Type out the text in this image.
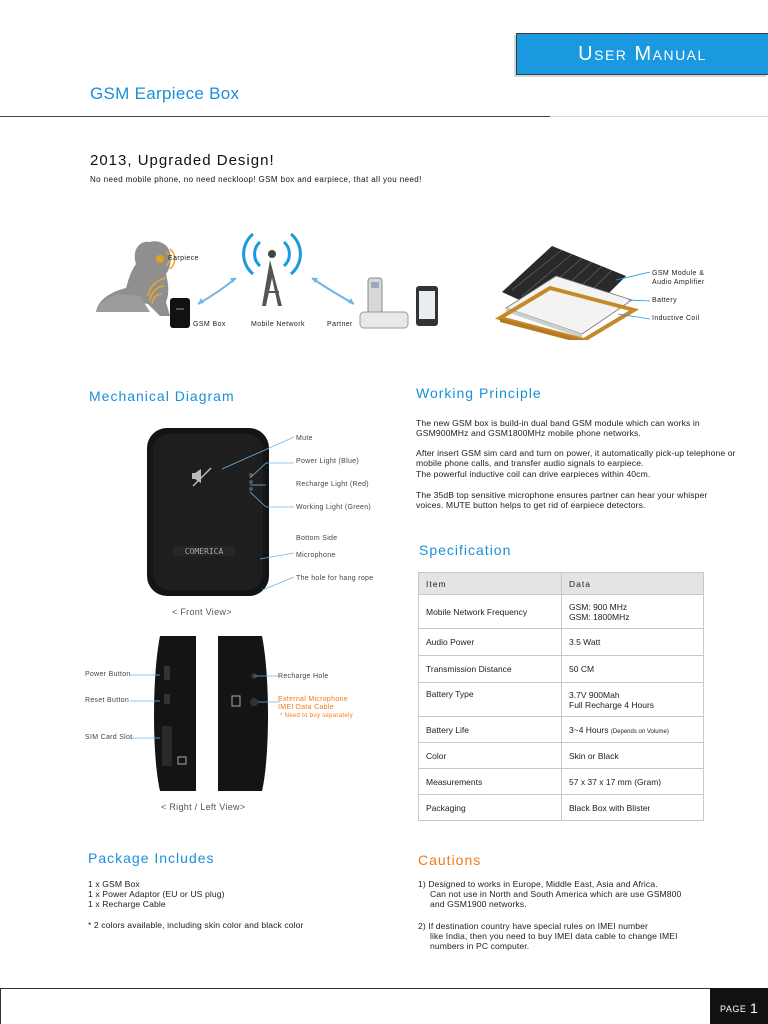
User Manual
GSM Earpiece Box
2013, Upgraded Design!
No need mobile phone, no need neckloop! GSM box and earpiece, that all you need!
Earpiece
GSM Box	Mobile Network	Partner
GSM Module &
Audio Amplifier
Battery
Inductive Coil
Mechanical Diagram
COMERICA
Mute
Power Light (Blue)
Recharge Light (Red)
Working Light (Green)
Bottom Side
Microphone
The hole for hang rope
< Front View>
Power Button
Reset Button
SIM Card Slot
Recharge Hole
External Microphone
IMEI Data Cable
* Need to buy separately
< Right / Left View>
Working Principle
The new GSM box is build-in dual band GSM module which can works in GSM900MHz and GSM1800MHz mobile phone networks.
After insert GSM sim card and turn on power, it automatically pick-up telephone or mobile phone calls, and transfer audio signals to earpiece.
The powerful inductive coil can drive earpieces within 40cm.
The 35dB top sensitive microphone ensures partner can hear your whisper voices. MUTE button helps to get rid of earpiece detectors.
Specification
Item	Data
Mobile Network Frequency	GSM: 900 MHz
GSM: 1800MHz

Audio Power	3.5 Watt
Transmission Distance	50 CM
Battery Type	3.7V 900Mah
Full Recharge 4 Hours

Battery Life	3~4 Hours (Depends on Volume)
Color	Skin or Black
Measurements	57 x 37 x 17 mm (Gram)
Packaging	Black Box with Blister
Package Includes
1 x GSM Box
1 x Power Adaptor (EU or US plug)
1 x Recharge Cable
* 2 colors available, including skin color and black color
Cautions
1) Designed to works in Europe, Middle East, Asia and Africa.
Can not use in North and South America which are use GSM800
and GSM1900 networks.
2) If destination country have special rules on IMEI number
like India, then you need to buy IMEI data cable to change IMEI
numbers in PC computer.
PAGE 1
